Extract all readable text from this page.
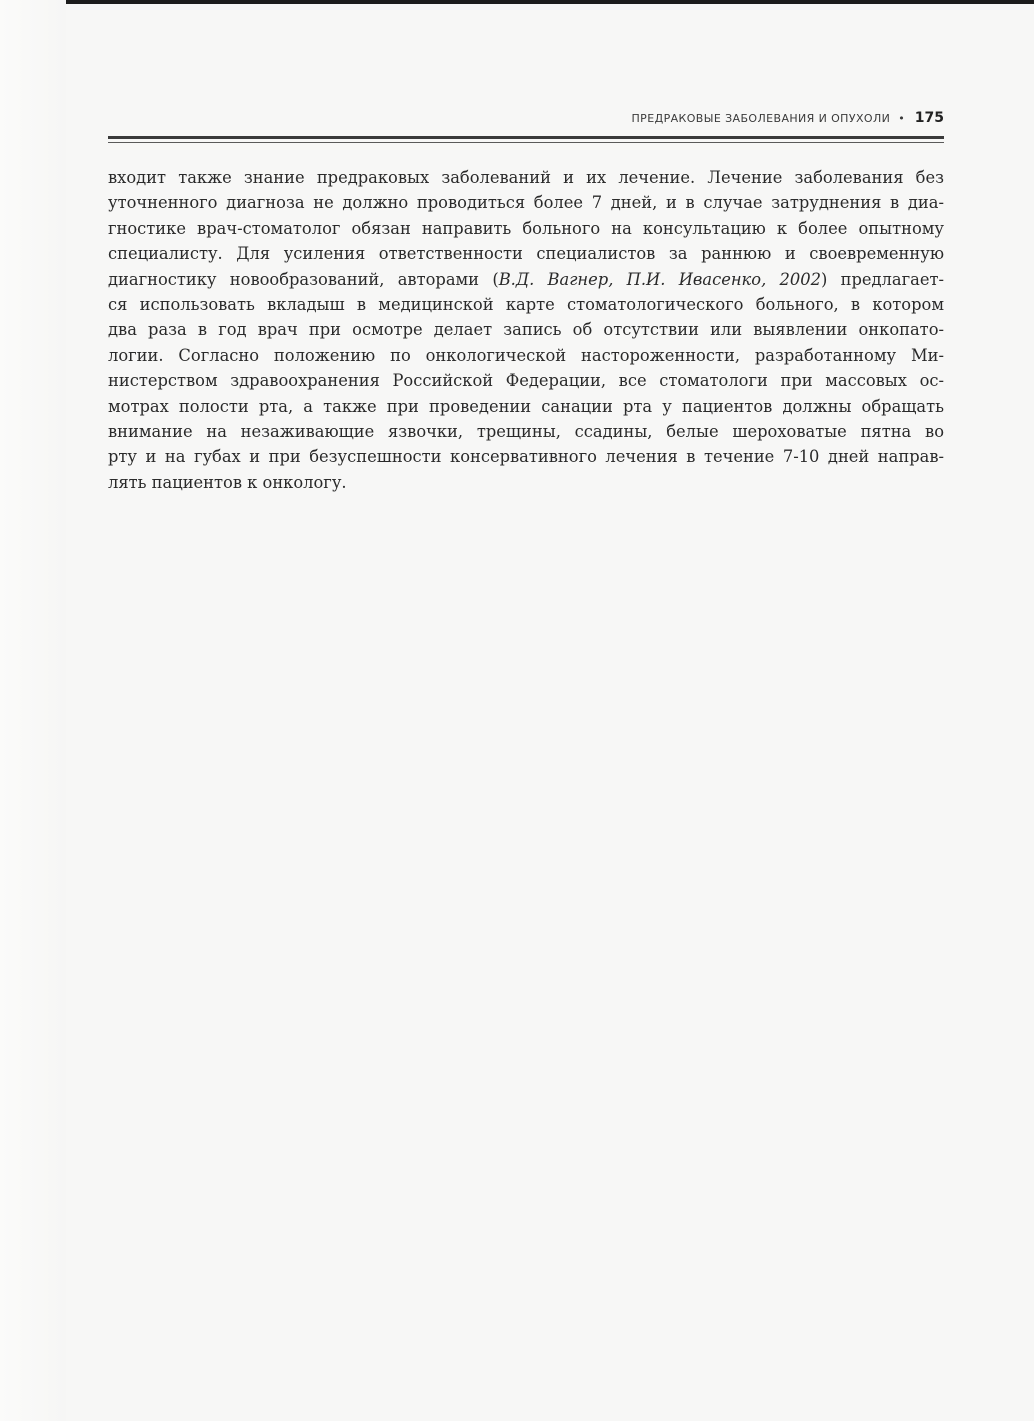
ПРЕДРАКОВЫЕ ЗАБОЛЕВАНИЯ И ОПУХОЛИ • 175

входит также знание предраковых заболеваний и их лечение. Лечение заболевания без
уточненного диагноза не должно проводиться более 7 дней, и в случае затруднения в диа-
гностике врач-стоматолог обязан направить больного на консультацию к более опытному
специалисту. Для усиления ответственности специалистов за раннюю и своевременную
диагностику новообразований, авторами (В.Д. Вагнер, П.И. Ивасенко, 2002) предлагает-
ся использовать вкладыш в медицинской карте стоматологического больного, в котором
два раза в год врач при осмотре делает запись об отсутствии или выявлении онкопато-
логии. Согласно положению по онкологической настороженности, разработанному Ми-
нистерством здравоохранения Российской Федерации, все стоматологи при массовых ос-
мотрах полости рта, а также при проведении санации рта у пациентов должны обращать
внимание на незаживающие язвочки, трещины, ссадины, белые шероховатые пятна во
рту и на губах и при безуспешности консервативного лечения в течение 7-10 дней направ-
лять пациентов к онкологу.
